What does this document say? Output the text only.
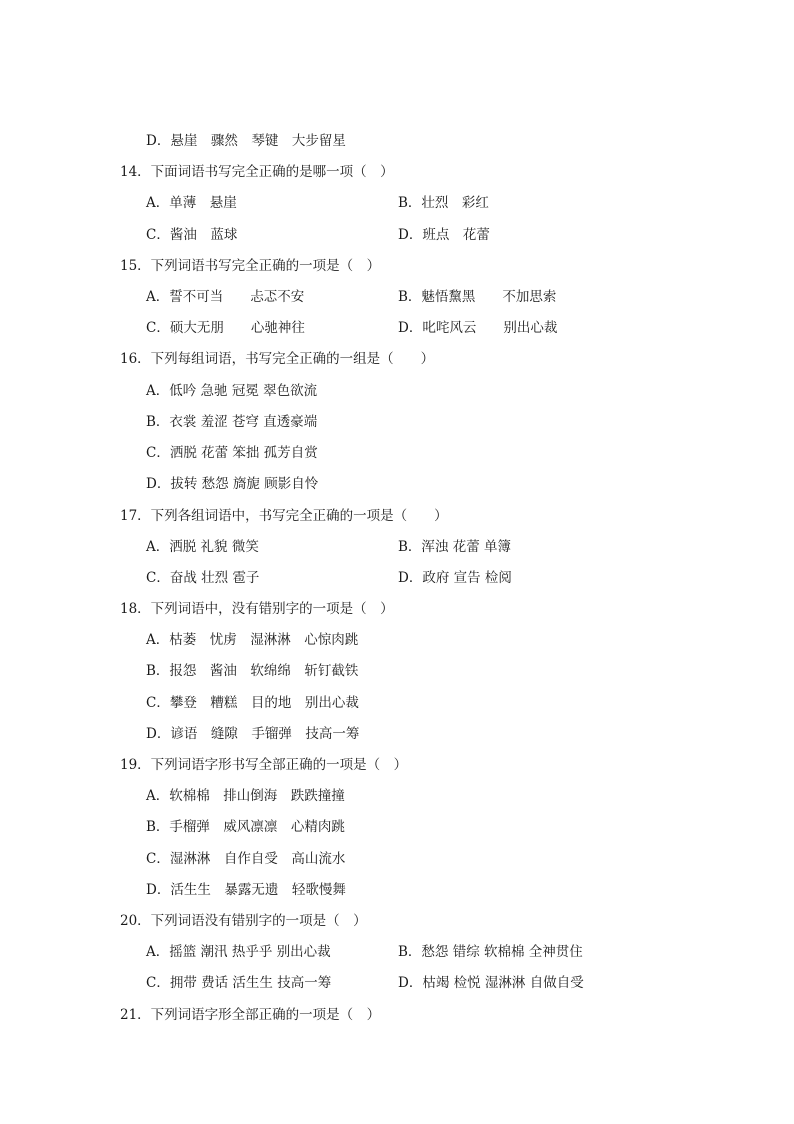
D．悬崖　骤然　琴键　大步留星
14．下面词语书写完全正确的是哪一项（　）
A．单薄　悬崖	B．壮烈　彩红
C．酱油　蓝球	D．班点　花蕾
15．下列词语书写完全正确的一项是（　）
A．誓不可当　　忐忑不安	B．魅悟黧黑　　不加思索
C．硕大无朋　　心驰神往	D．叱咤风云　　别出心裁
16．下列每组词语，书写完全正确的一组是（　　）
A．低吟 急驰 冠冕 翠色欲流
B．衣裳 羞涩 苍穹 直透豪端
C．洒脱 花蕾 笨拙 孤芳自赏
D．拔转 愁怨 旖旎 顾影自怜
17．下列各组词语中，书写完全正确的一项是（　　）
A．洒脱 礼貌 微笑	B．浑浊 花蕾 单簿
C．奋战 壮烈 雹子	D．政府 宣告 检阅
18．下列词语中，没有错别字的一项是（　）
A．枯萎　忧虏　湿淋淋　心惊肉跳
B．报怨　酱油　软绵绵　斩钉截铁
C．攀登　糟糕　目的地　别出心裁
D．谚语　缝隙　手镏弹　技高一筹
19．下列词语字形书写全部正确的一项是（　）
A．软棉棉　排山倒海　跌跌撞撞
B．手榴弹　威风凛凛　心精肉跳
C．湿淋淋　自作自受　高山流水
D．活生生　暴露无遗　轻歌慢舞
20．下列词语没有错别字的一项是（　）
A．摇篮 潮汛 热乎乎 别出心裁	B．愁怨 错综 软棉棉 全神贯住
C．拥带 费话 活生生 技高一筹	D．枯竭 检悦 湿淋淋 自做自受
21．下列词语字形全部正确的一项是（　）
